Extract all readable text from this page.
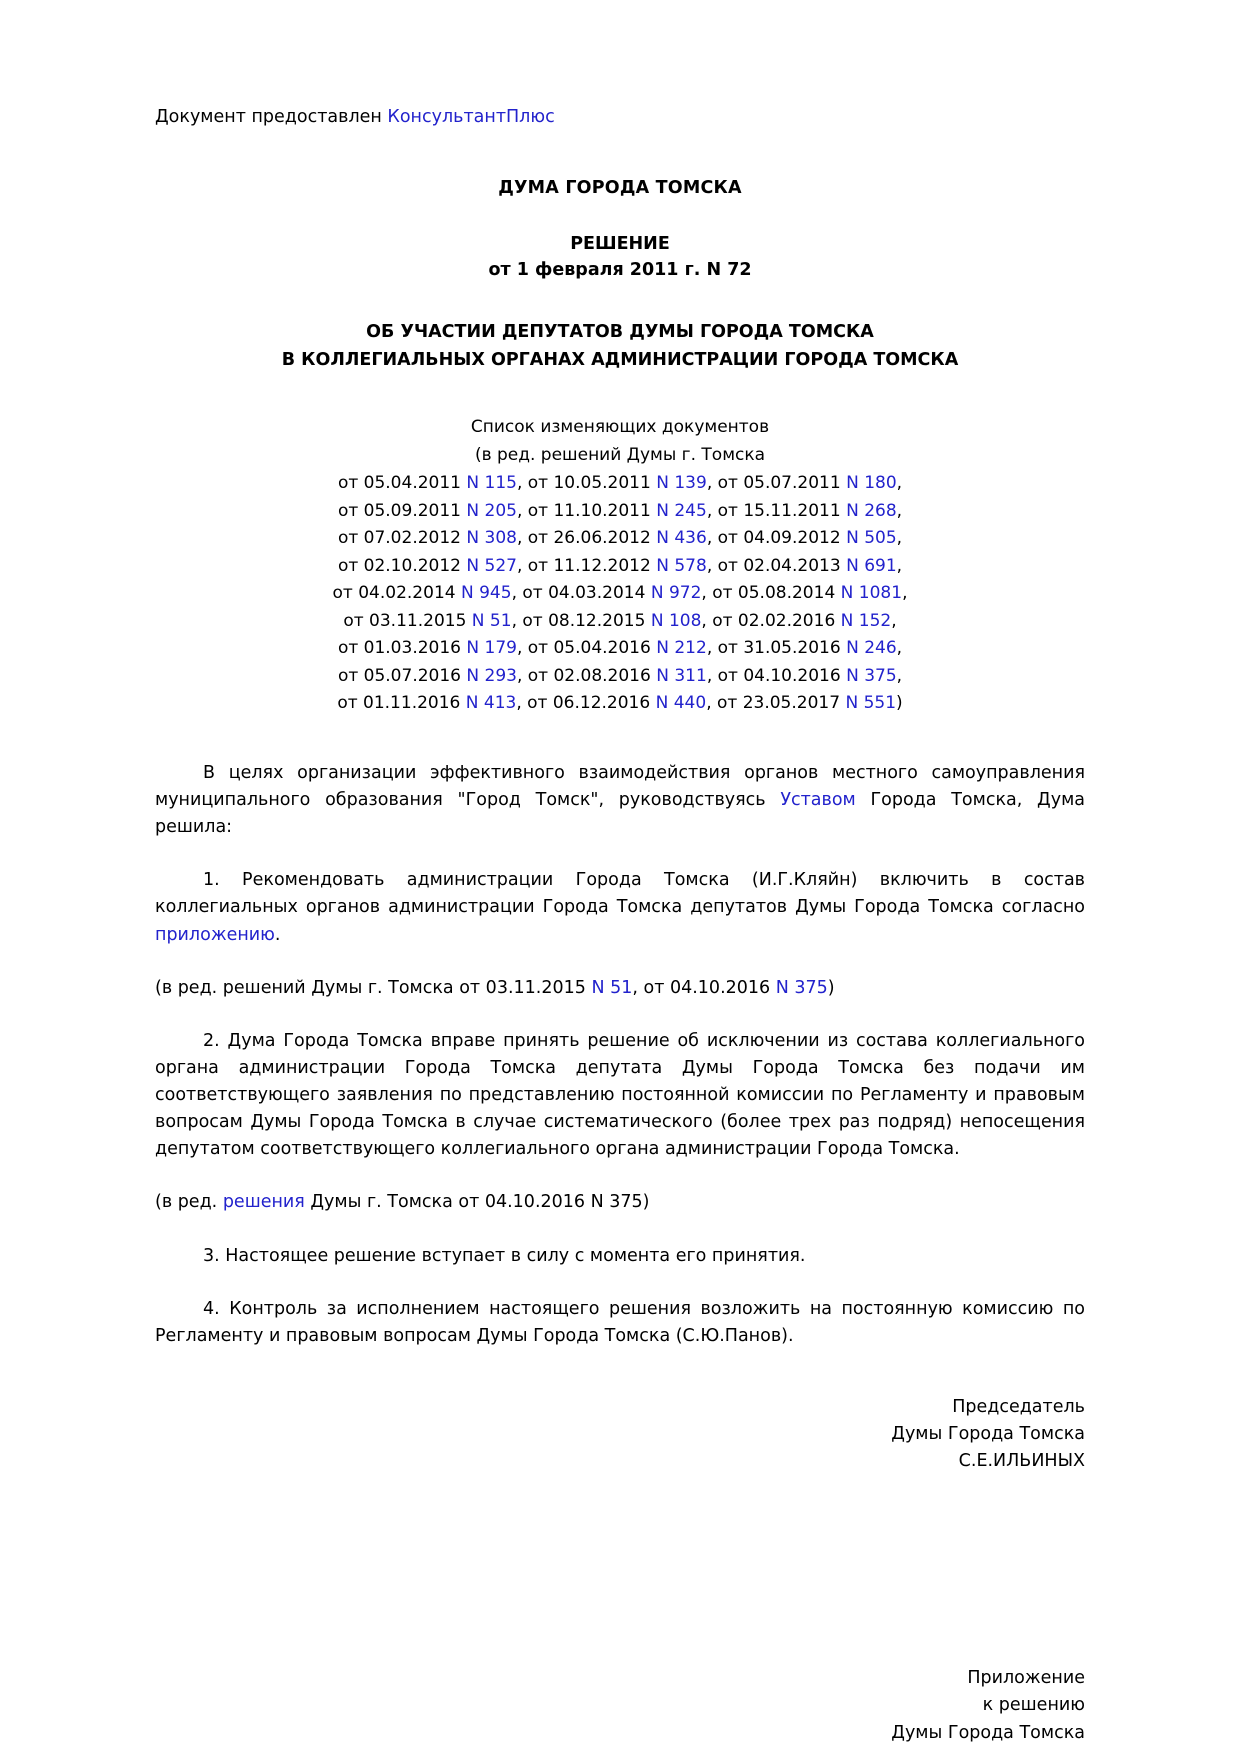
Документ предоставлен КонсультантПлюс
ДУМА ГОРОДА ТОМСКА
РЕШЕНИЕ
от 1 февраля 2011 г. N 72
ОБ УЧАСТИИ ДЕПУТАТОВ ДУМЫ ГОРОДА ТОМСКА
В КОЛЛЕГИАЛЬНЫХ ОРГАНАХ АДМИНИСТРАЦИИ ГОРОДА ТОМСКА
Список изменяющих документов
(в ред. решений Думы г. Томска
от 05.04.2011 N 115, от 10.05.2011 N 139, от 05.07.2011 N 180,
от 05.09.2011 N 205, от 11.10.2011 N 245, от 15.11.2011 N 268,
от 07.02.2012 N 308, от 26.06.2012 N 436, от 04.09.2012 N 505,
от 02.10.2012 N 527, от 11.12.2012 N 578, от 02.04.2013 N 691,
от 04.02.2014 N 945, от 04.03.2014 N 972, от 05.08.2014 N 1081,
от 03.11.2015 N 51, от 08.12.2015 N 108, от 02.02.2016 N 152,
от 01.03.2016 N 179, от 05.04.2016 N 212, от 31.05.2016 N 246,
от 05.07.2016 N 293, от 02.08.2016 N 311, от 04.10.2016 N 375,
от 01.11.2016 N 413, от 06.12.2016 N 440, от 23.05.2017 N 551)

В целях организации эффективного взаимодействия органов местного самоуправления муниципального образования "Город Томск", руководствуясь Уставом Города Томска, Дума решила:

1. Рекомендовать администрации Города Томска (И.Г.Кляйн) включить в состав коллегиальных органов администрации Города Томска депутатов Думы Города Томска согласно приложению.

(в ред. решений Думы г. Томска от 03.11.2015 N 51, от 04.10.2016 N 375)

2. Дума Города Томска вправе принять решение об исключении из состава коллегиального органа администрации Города Томска депутата Думы Города Томска без подачи им соответствующего заявления по представлению постоянной комиссии по Регламенту и правовым вопросам Думы Города Томска в случае систематического (более трех раз подряд) непосещения депутатом соответствующего коллегиального органа администрации Города Томска.

(в ред. решения Думы г. Томска от 04.10.2016 N 375)

3. Настоящее решение вступает в силу с момента его принятия.

4. Контроль за исполнением настоящего решения возложить на постоянную комиссию по Регламенту и правовым вопросам Думы Города Томска (С.Ю.Панов).

Председатель
Думы Города Томска
С.Е.ИЛЬИНЫХ
Приложение
к решению
Думы Города Томска
